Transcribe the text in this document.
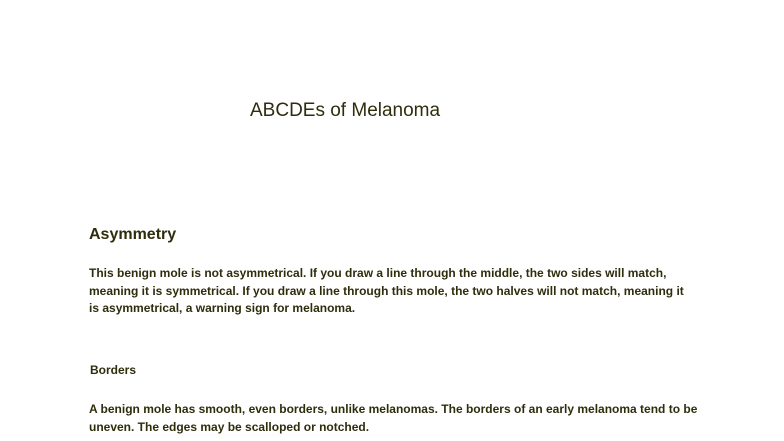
ABCDEs of Melanoma
Asymmetry

This benign mole is not asymmetrical. If you draw a line through the middle, the two sides will match, meaning it is symmetrical. If you draw a line through this mole, the two halves will not match, meaning it is asymmetrical, a warning sign for melanoma.

Borders

A benign mole has smooth, even borders, unlike melanomas. The borders of an early melanoma tend to be uneven. The edges may be scalloped or notched.
